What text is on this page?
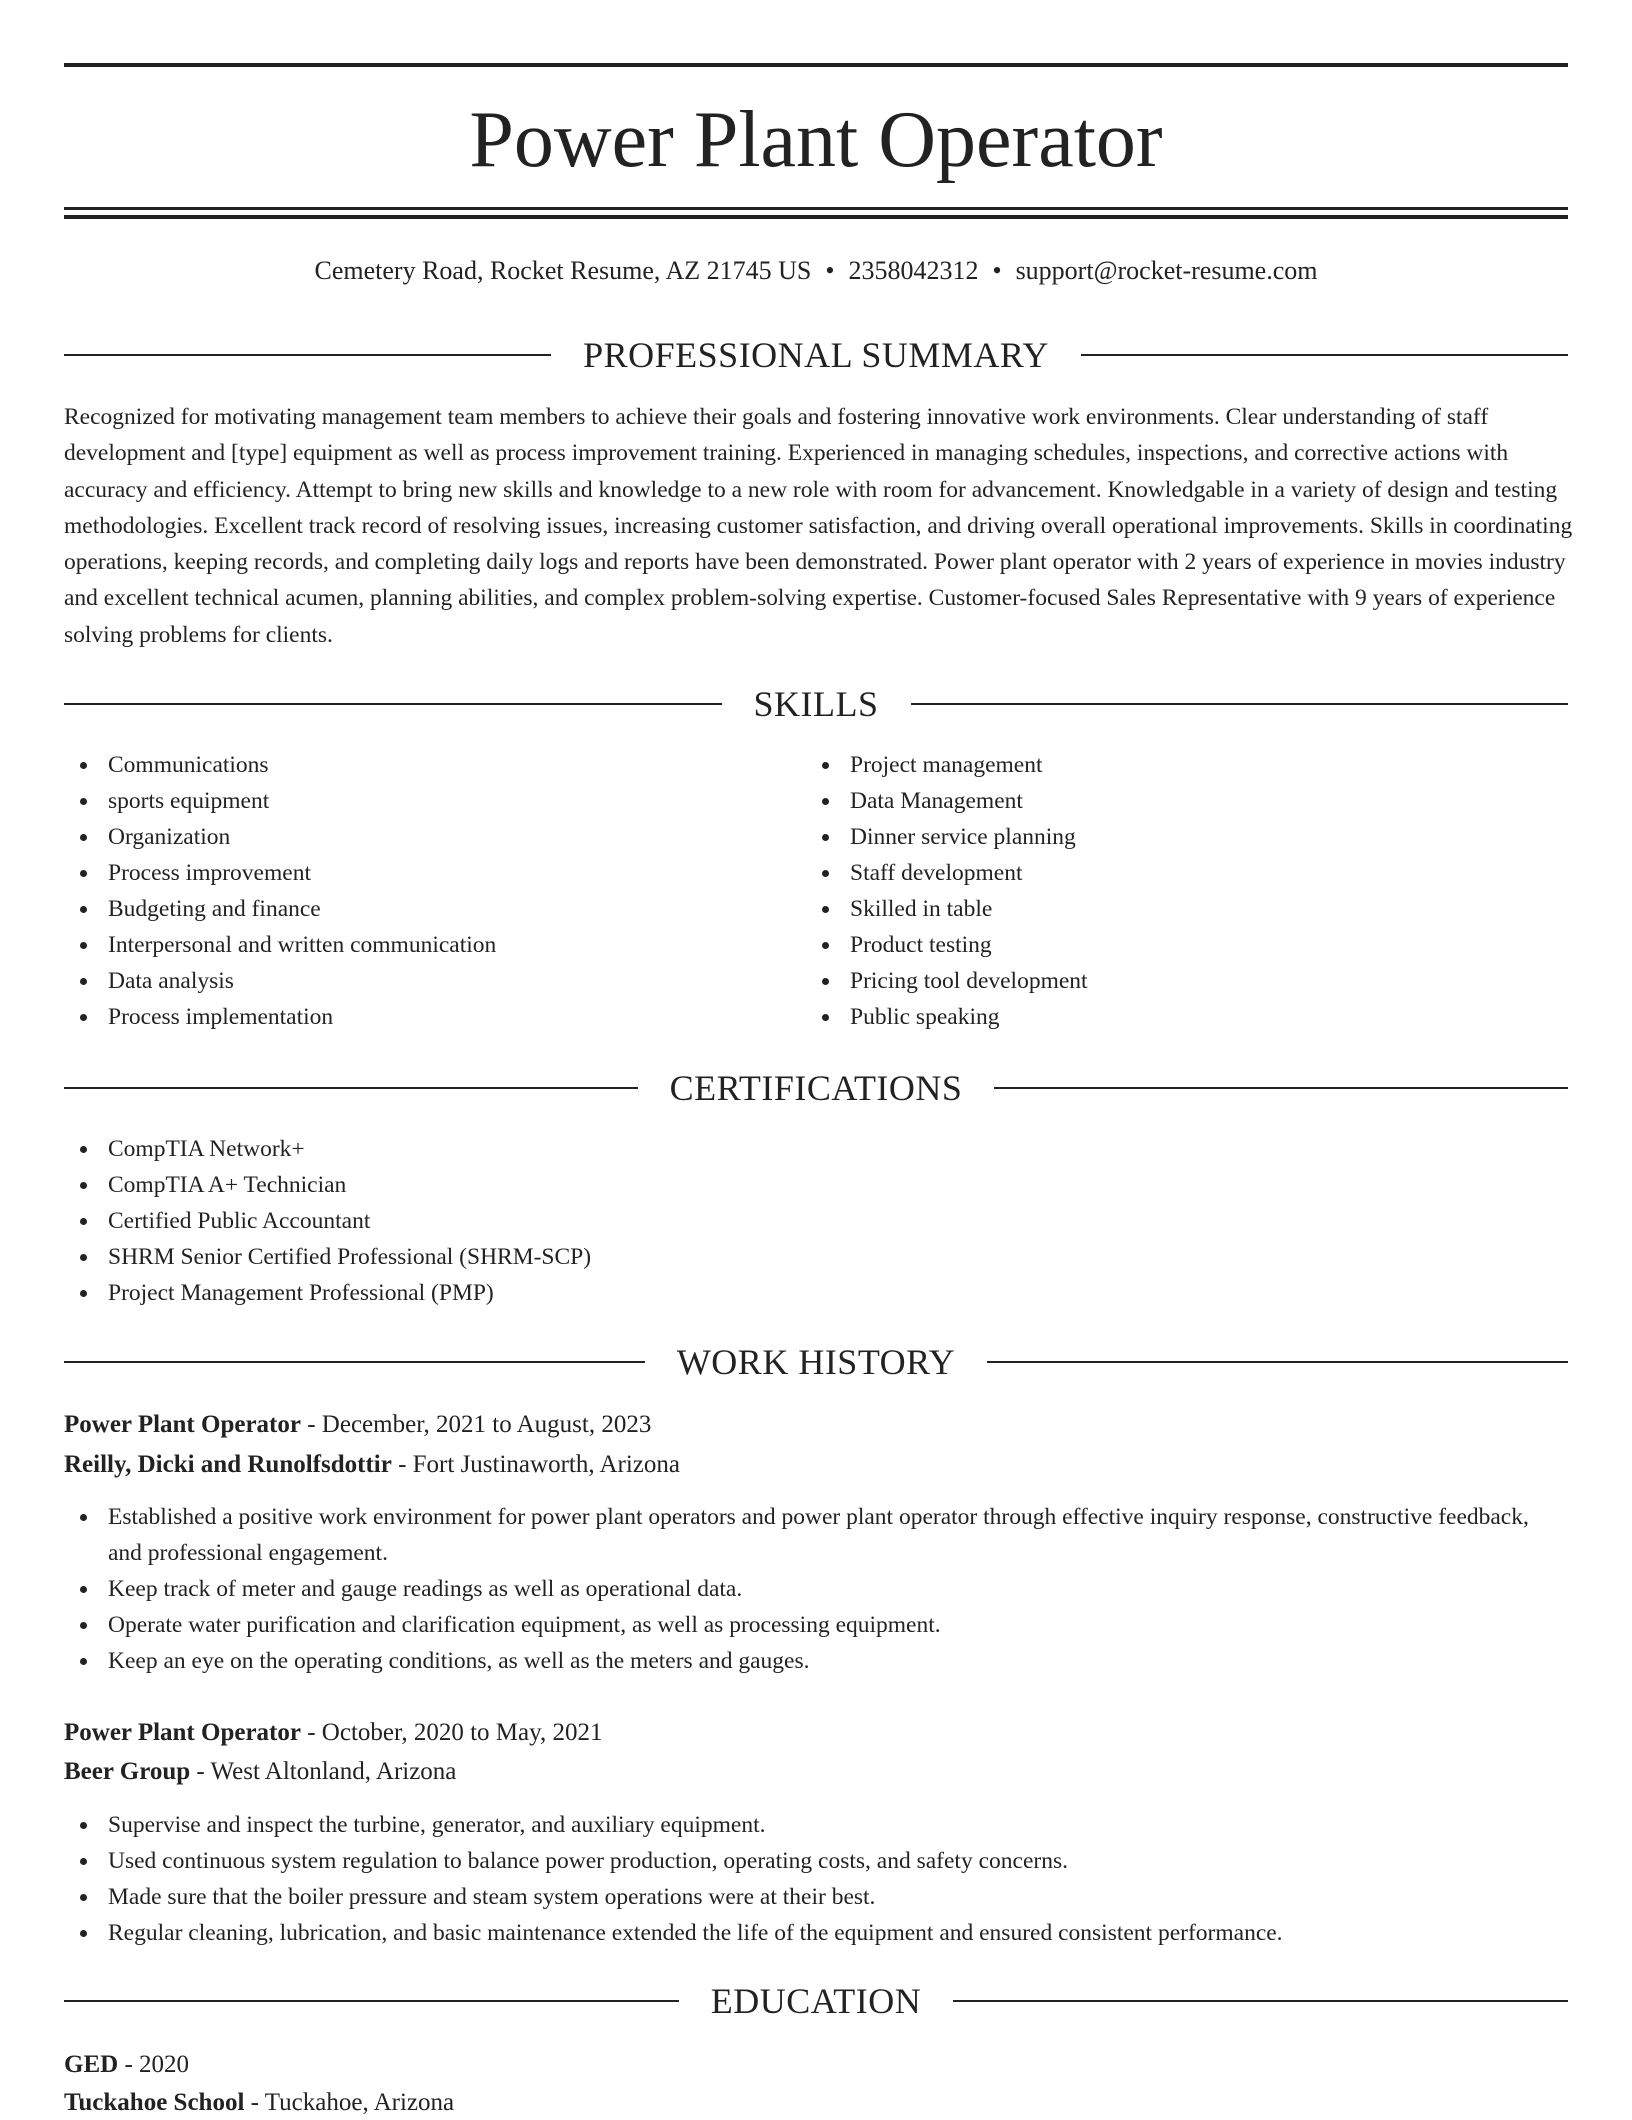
Power Plant Operator
Cemetery Road, Rocket Resume, AZ 21745 US • 2358042312 • support@rocket-resume.com
PROFESSIONAL SUMMARY

Recognized for motivating management team members to achieve their goals and fostering innovative work environments. Clear understanding of staff development and [type] equipment as well as process improvement training. Experienced in managing schedules, inspections, and corrective actions with accuracy and efficiency. Attempt to bring new skills and knowledge to a new role with room for advancement. Knowledgable in a variety of design and testing methodologies. Excellent track record of resolving issues, increasing customer satisfaction, and driving overall operational improvements. Skills in coordinating operations, keeping records, and completing daily logs and reports have been demonstrated. Power plant operator with 2 years of experience in movies industry and excellent technical acumen, planning abilities, and complex problem-solving expertise. Customer-focused Sales Representative with 9 years of experience solving problems for clients.

SKILLS
Communications
sports equipment
Organization
Process improvement
Budgeting and finance
Interpersonal and written communication
Data analysis
Process implementation
Project management
Data Management
Dinner service planning
Staff development
Skilled in table
Product testing
Pricing tool development
Public speaking
CERTIFICATIONS
CompTIA Network+
CompTIA A+ Technician
Certified Public Accountant
SHRM Senior Certified Professional (SHRM-SCP)
Project Management Professional (PMP)
WORK HISTORY
Power Plant Operator - December, 2021 to August, 2023
Reilly, Dicki and Runolfsdottir - Fort Justinaworth, Arizona
Established a positive work environment for power plant operators and power plant operator through effective inquiry response, constructive feedback, and professional engagement.
Keep track of meter and gauge readings as well as operational data.
Operate water purification and clarification equipment, as well as processing equipment.
Keep an eye on the operating conditions, as well as the meters and gauges.
Power Plant Operator - October, 2020 to May, 2021
Beer Group - West Altonland, Arizona
Supervise and inspect the turbine, generator, and auxiliary equipment.
Used continuous system regulation to balance power production, operating costs, and safety concerns.
Made sure that the boiler pressure and steam system operations were at their best.
Regular cleaning, lubrication, and basic maintenance extended the life of the equipment and ensured consistent performance.
EDUCATION
GED - 2020
Tuckahoe School - Tuckahoe, Arizona
